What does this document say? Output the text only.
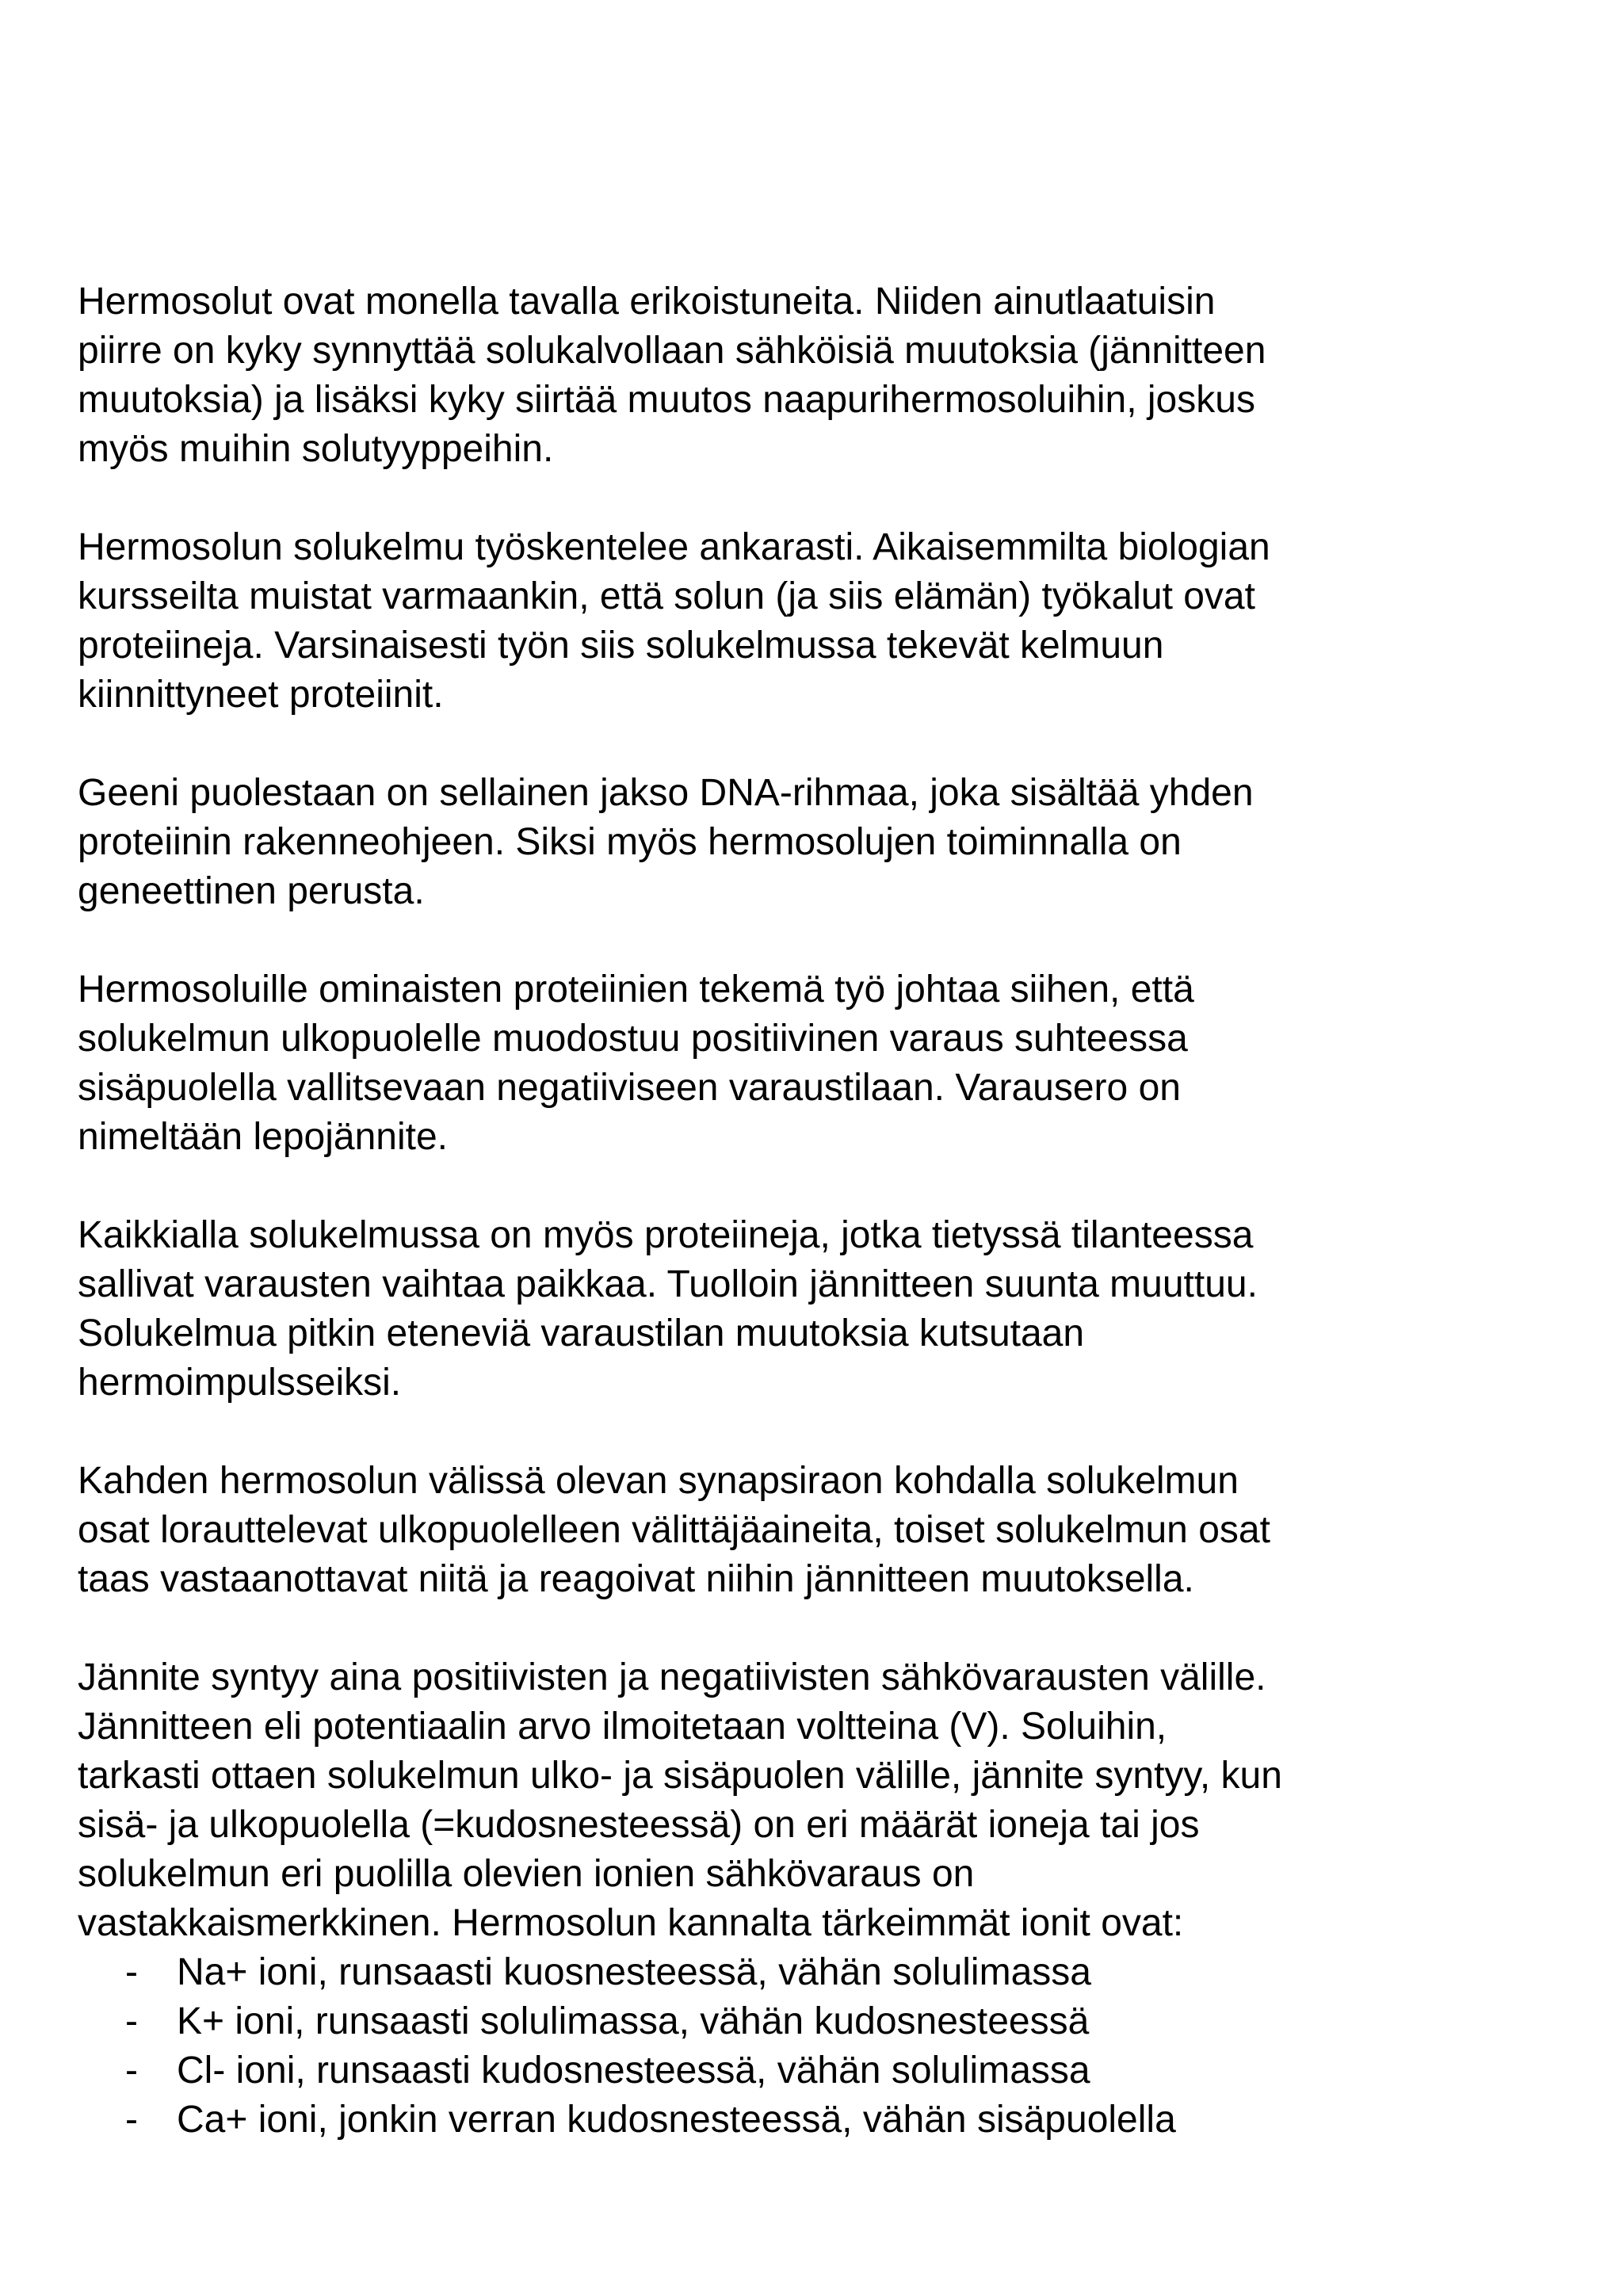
Hermosolut ovat monella tavalla erikoistuneita. Niiden ainutlaatuisin
piirre on kyky synnyttää solukalvollaan sähköisiä muutoksia (jännitteen
muutoksia) ja lisäksi kyky siirtää muutos naapurihermosoluihin, joskus
myös muihin solutyyppeihin.

Hermosolun solukelmu työskentelee ankarasti. Aikaisemmilta biologian
kursseilta muistat varmaankin, että solun (ja siis elämän) työkalut ovat
proteiineja. Varsinaisesti työn siis solukelmussa tekevät kelmuun
kiinnittyneet proteiinit.

Geeni puolestaan on sellainen jakso DNA-rihmaa, joka sisältää yhden
proteiinin rakenneohjeen. Siksi myös hermosolujen toiminnalla on
geneettinen perusta.

Hermosoluille ominaisten proteiinien tekemä työ johtaa siihen, että
solukelmun ulkopuolelle muodostuu positiivinen varaus suhteessa
sisäpuolella vallitsevaan negatiiviseen varaustilaan. Varausero on
nimeltään lepojännite.

Kaikkialla solukelmussa on myös proteiineja, jotka tietyssä tilanteessa
sallivat varausten vaihtaa paikkaa. Tuolloin jännitteen suunta muuttuu.
Solukelmua pitkin eteneviä varaustilan muutoksia kutsutaan
hermoimpulsseiksi.

Kahden hermosolun välissä olevan synapsiraon kohdalla solukelmun
osat lorauttelevat ulkopuolelleen välittäjäaineita, toiset solukelmun osat
taas vastaanottavat niitä ja reagoivat niihin jännitteen muutoksella.

Jännite syntyy aina positiivisten ja negatiivisten sähkövarausten välille.
Jännitteen eli potentiaalin arvo ilmoitetaan voltteina (V). Soluihin,
tarkasti ottaen solukelmun ulko- ja sisäpuolen välille, jännite syntyy, kun
sisä- ja ulkopuolella (=kudosnesteessä) on eri määrät ioneja tai jos
solukelmun eri puolilla olevien ionien sähkövaraus on
vastakkaismerkkinen. Hermosolun kannalta tärkeimmät ionit ovat:

- Na+ ioni, runsaasti kuosnesteessä, vähän solulimassa
- K+ ioni, runsaasti solulimassa, vähän kudosnesteessä
- Cl- ioni, runsaasti kudosnesteessä, vähän solulimassa
- Ca+ ioni, jonkin verran kudosnesteessä, vähän sisäpuolella
